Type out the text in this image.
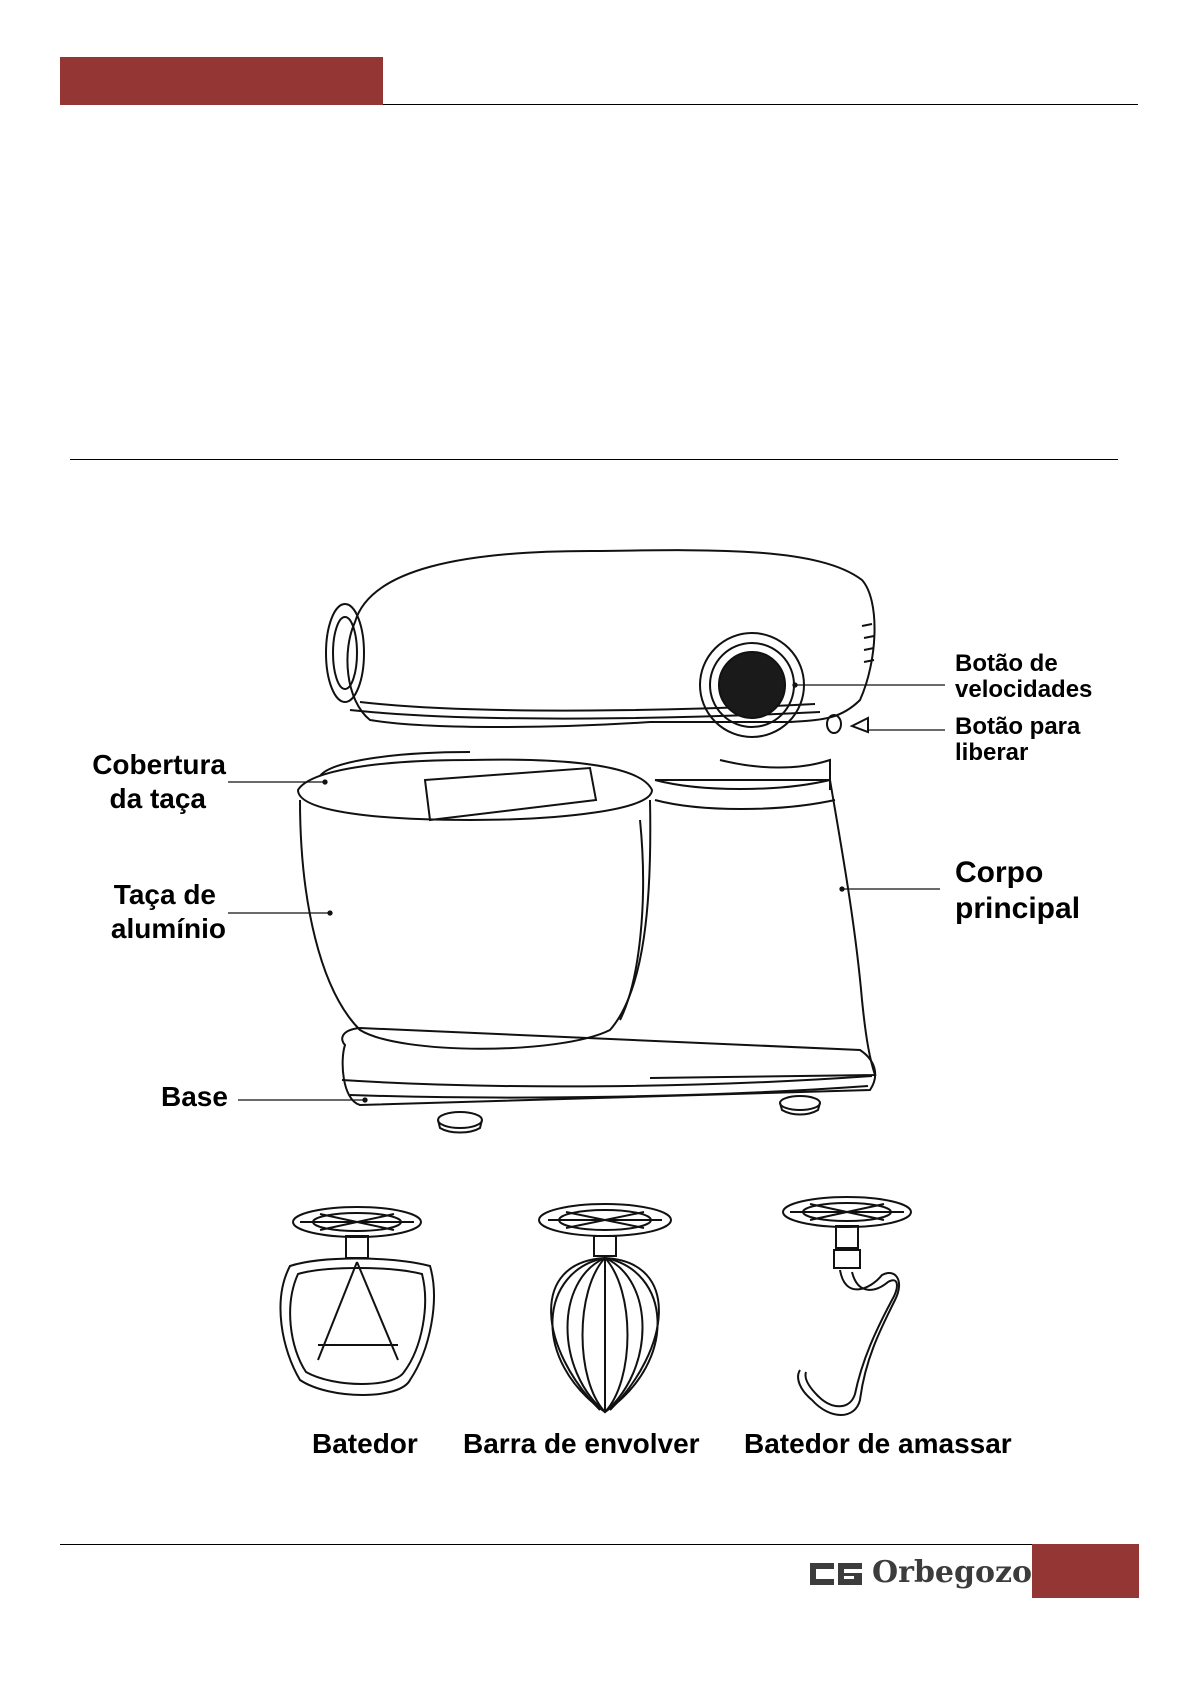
Cobertura
da taça
Taça de
alumínio
Base
Botão de
velocidades
Botão para
liberar
Corpo
principal
Batedor Barra de envolver Batedor de amassar
Orbegozo
